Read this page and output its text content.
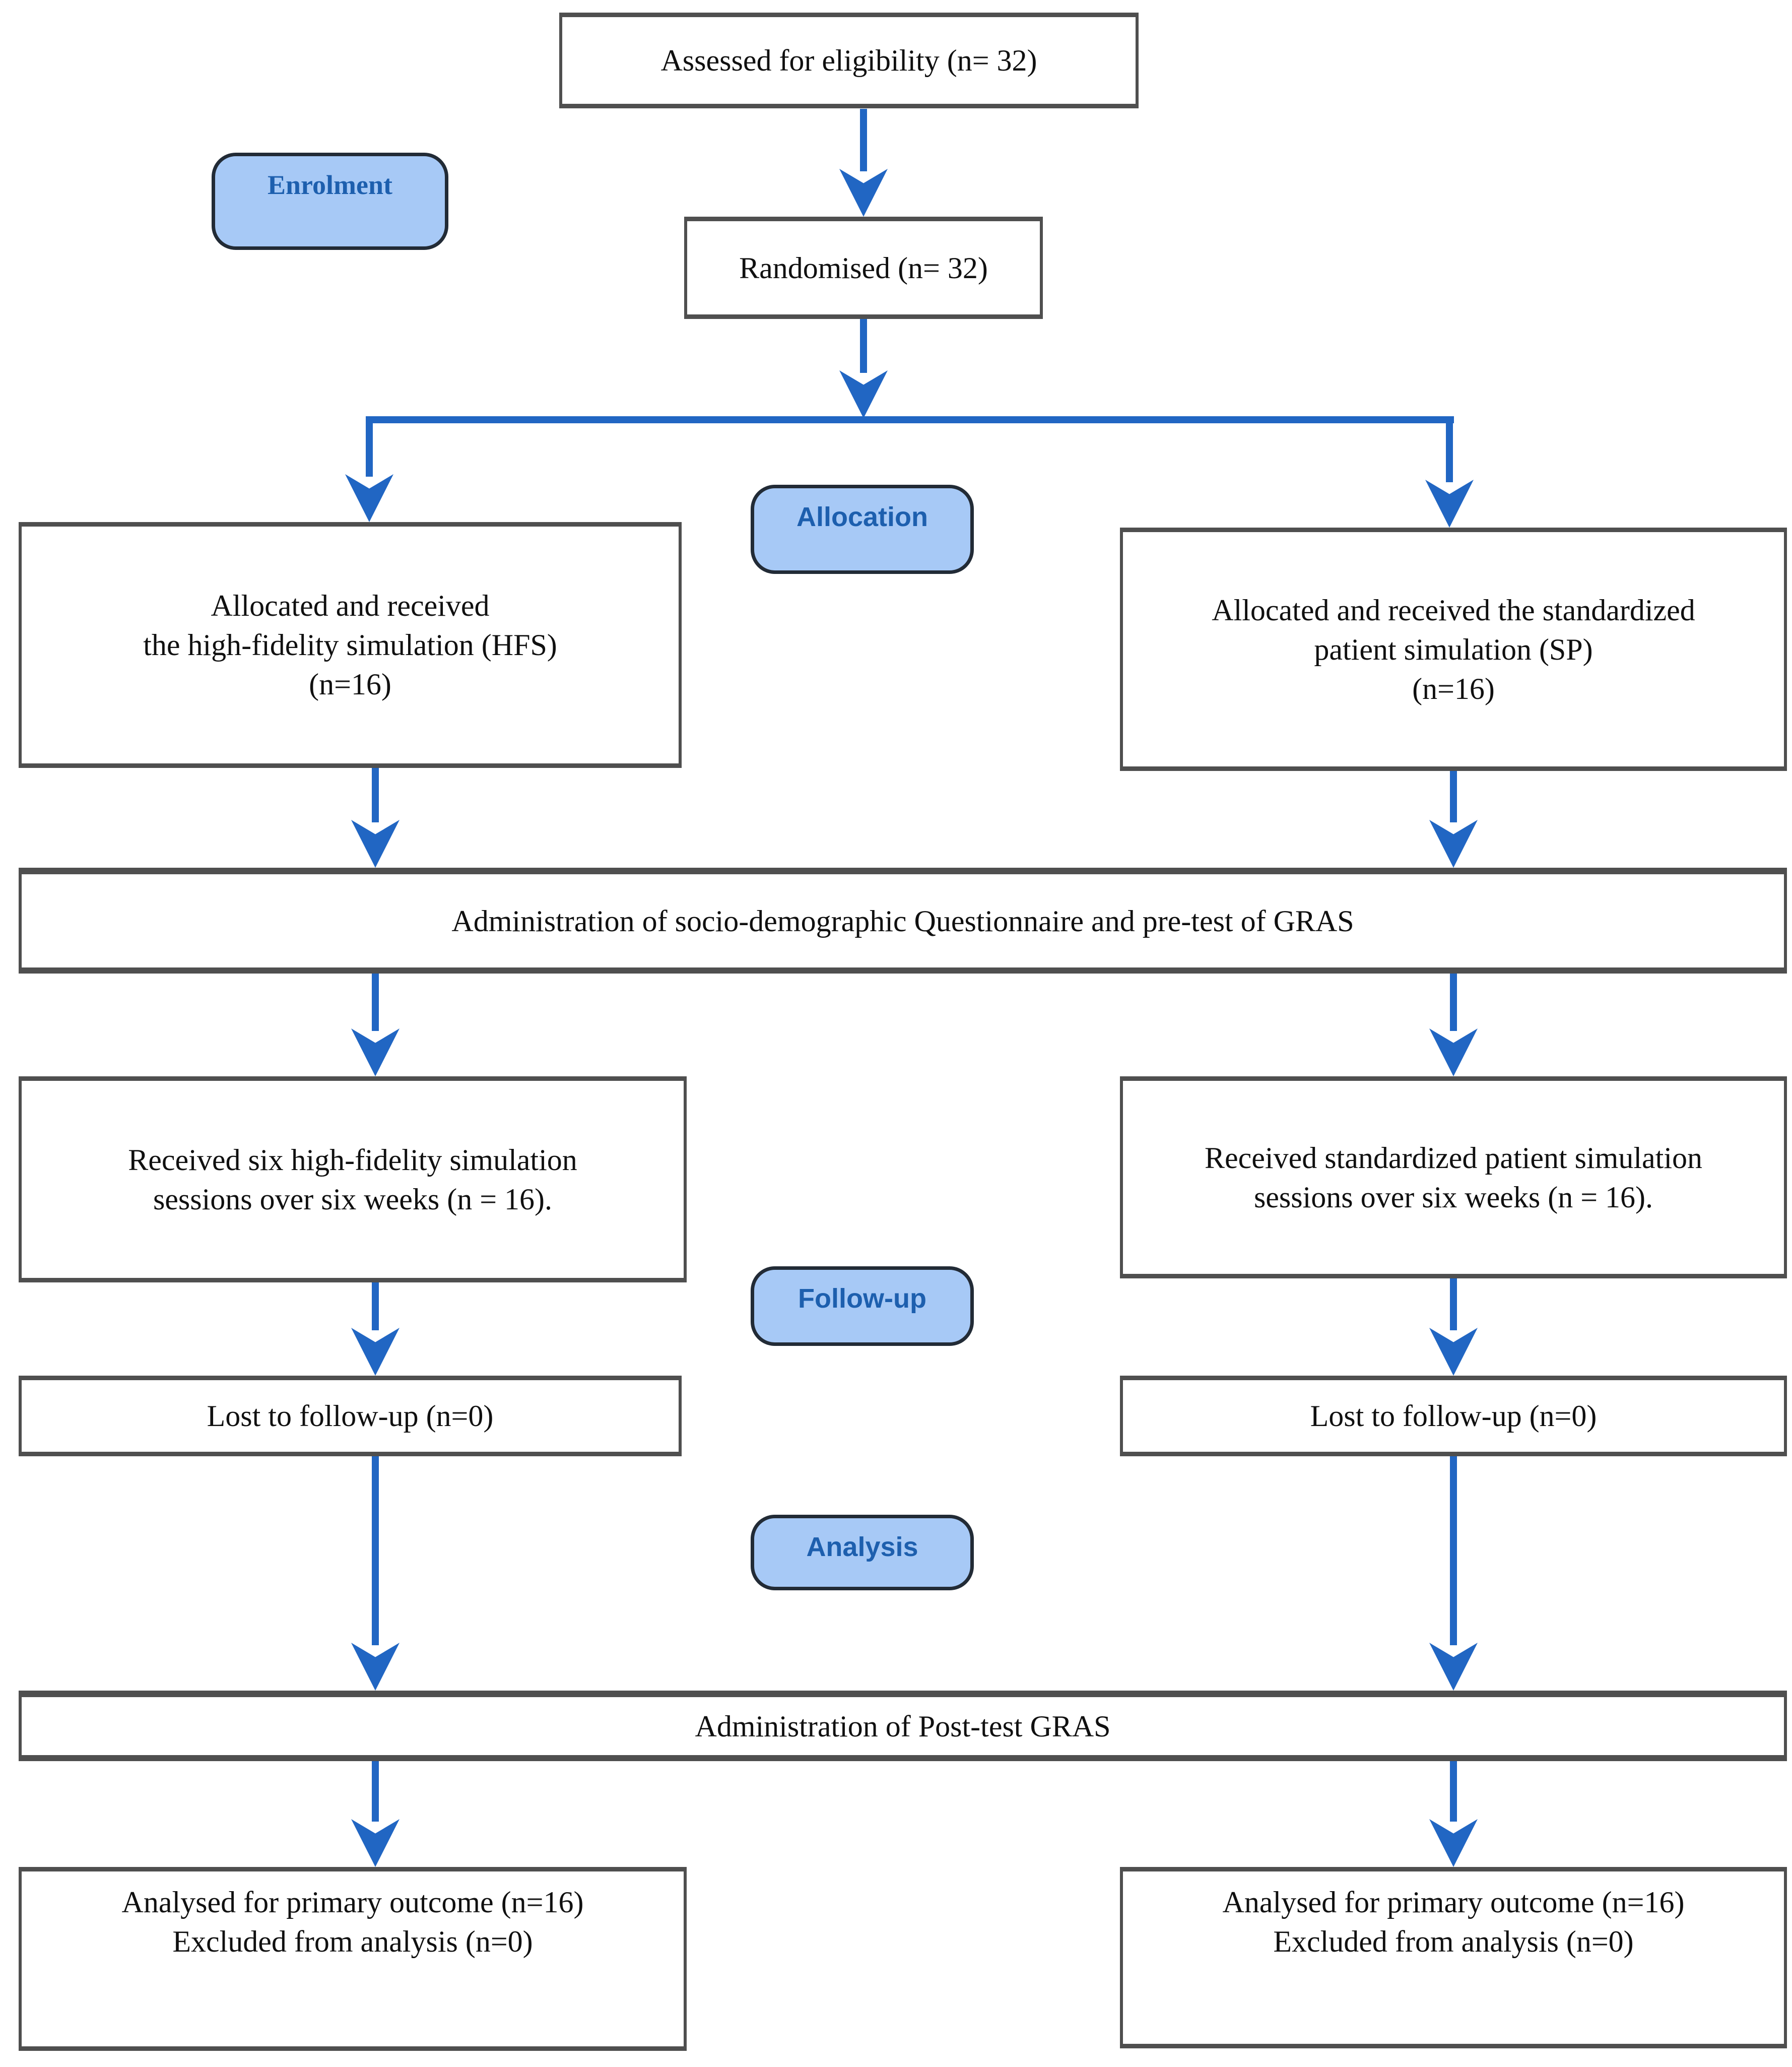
Assessed for eligibility (n= 32)
Enrolment
Randomised (n= 32)
Allocation
Allocated and received
the high-fidelity simulation (HFS)
(n=16)
Allocated and received the standardized
patient simulation (SP)
(n=16)
Administration of socio-demographic Questionnaire and pre-test of GRAS
Received six high-fidelity simulation
sessions over six weeks (n = 16).
Received standardized patient simulation
sessions over six weeks (n = 16).
Follow-up
Lost to follow-up (n=0)	Lost to follow-up (n=0)
Analysis
Administration of Post-test GRAS
Analysed for primary outcome (n=16)
Excluded from analysis (n=0)
Analysed for primary outcome (n=16)
Excluded from analysis (n=0)
